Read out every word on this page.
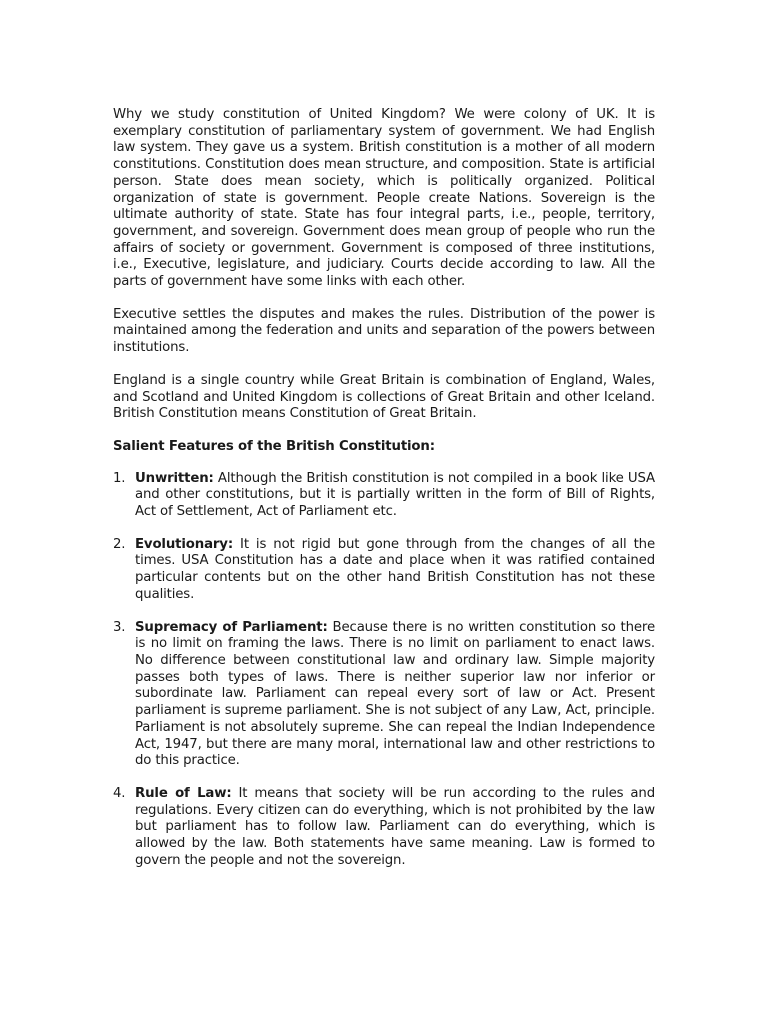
Why we study constitution of United Kingdom? We were colony of UK. It is exemplary constitution of parliamentary system of government. We had English law system. They gave us a system. British constitution is a mother of all modern constitutions. Constitution does mean structure, and composition. State is artificial person. State does mean society, which is politically organized. Political organization of state is government. People create Nations. Sovereign is the ultimate authority of state. State has four integral parts, i.e., people, territory, government, and sovereign. Government does mean group of people who run the affairs of society or government. Government is composed of three institutions, i.e., Executive, legislature, and judiciary. Courts decide according to law. All the parts of government have some links with each other.

Executive settles the disputes and makes the rules. Distribution of the power is maintained among the federation and units and separation of the powers between institutions.

England is a single country while Great Britain is combination of England, Wales, and Scotland and United Kingdom is collections of Great Britain and other Iceland. British Constitution means Constitution of Great Britain.

Salient Features of the British Constitution:

1. Unwritten: Although the British constitution is not compiled in a book like USA and other constitutions, but it is partially written in the form of Bill of Rights, Act of Settlement, Act of Parliament etc.
2. Evolutionary: It is not rigid but gone through from the changes of all the times. USA Constitution has a date and place when it was ratified contained particular contents but on the other hand British Constitution has not these qualities.
3. Supremacy of Parliament: Because there is no written constitution so there is no limit on framing the laws. There is no limit on parliament to enact laws. No difference between constitutional law and ordinary law. Simple majority passes both types of laws. There is neither superior law nor inferior or subordinate law. Parliament can repeal every sort of law or Act. Present parliament is supreme parliament. She is not subject of any Law, Act, principle. Parliament is not absolutely supreme. She can repeal the Indian Independence Act, 1947, but there are many moral, international law and other restrictions to do this practice.
4. Rule of Law: It means that society will be run according to the rules and regulations. Every citizen can do everything, which is not prohibited by the law but parliament has to follow law. Parliament can do everything, which is allowed by the law. Both statements have same meaning. Law is formed to govern the people and not the sovereign.
